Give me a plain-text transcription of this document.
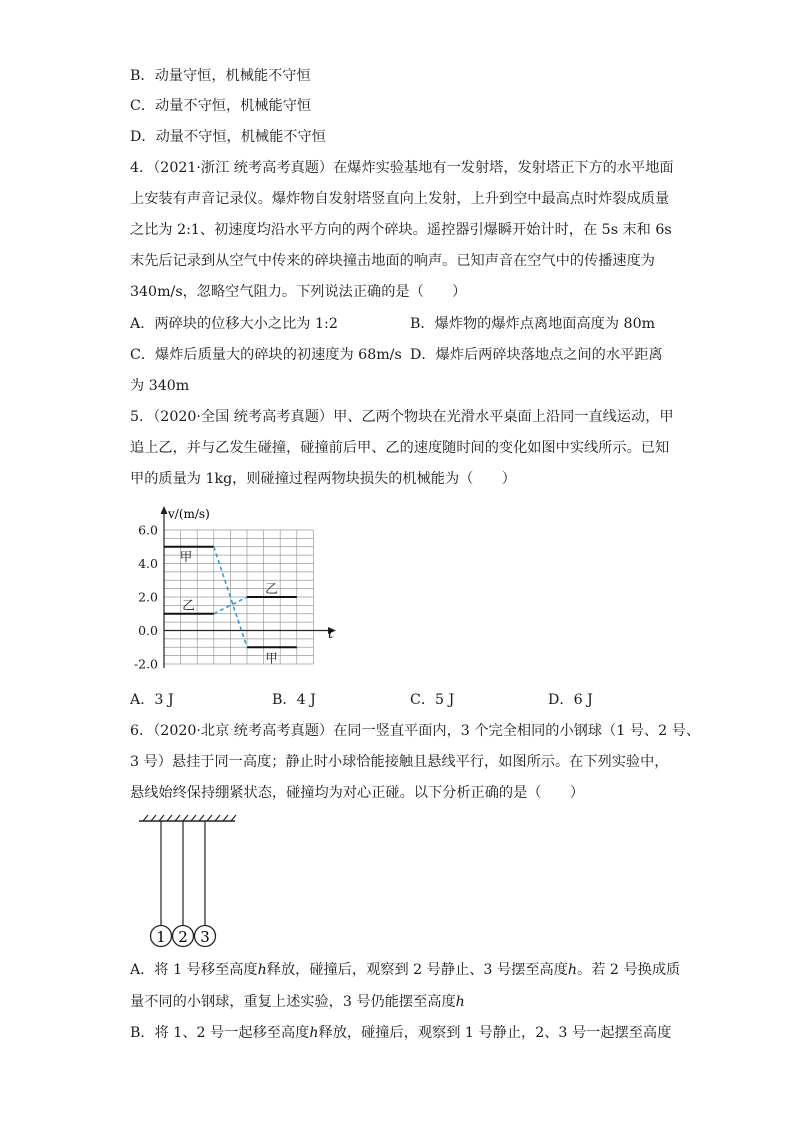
B．动量守恒，机械能不守恒
C．动量不守恒，机械能守恒
D．动量不守恒，机械能不守恒
4．（2021·浙江 统考高考真题）在爆炸实验基地有一发射塔，发射塔正下方的水平地面
上安装有声音记录仪。爆炸物自发射塔竖直向上发射，上升到空中最高点时炸裂成质量
之比为 2:1、初速度均沿水平方向的两个碎块。遥控器引爆瞬开始计时，在 5s 末和 6s
末先后记录到从空气中传来的碎块撞击地面的响声。已知声音在空气中的传播速度为
340m/s，忽略空气阻力。下列说法正确的是（　　）
A．两碎块的位移大小之比为 1:2	B．爆炸物的爆炸点离地面高度为 80m
C．爆炸后质量大的碎块的初速度为 68m/s D．爆炸后两碎块落地点之间的水平距离
为 340m
5．（2020·全国 统考高考真题）甲、乙两个物块在光滑水平桌面上沿同一直线运动，甲
追上乙，并与乙发生碰撞，碰撞前后甲、乙的速度随时间的变化如图中实线所示。已知
甲的质量为 1kg，则碰撞过程两物块损失的机械能为（　　）
6.0
4.0
2.0
0.0
-2.0
甲
乙
乙
甲
v/(m/s)
t
A．3 J	B．4 J	C．5 J	D．6 J
6．（2020·北京 统考高考真题）在同一竖直平面内，3 个完全相同的小钢球（1 号、2 号、
3 号）悬挂于同一高度；静止时小球恰能接触且悬线平行，如图所示。在下列实验中，
悬线始终保持绷紧状态，碰撞均为对心正碰。以下分析正确的是（　　）
1 2 3
A．将 1 号移至高度h释放，碰撞后，观察到 2 号静止、3 号摆至高度h。若 2 号换成质
量不同的小钢球，重复上述实验，3 号仍能摆至高度h
B．将 1、2 号一起移至高度h释放，碰撞后，观察到 1 号静止，2、3 号一起摆至高度
